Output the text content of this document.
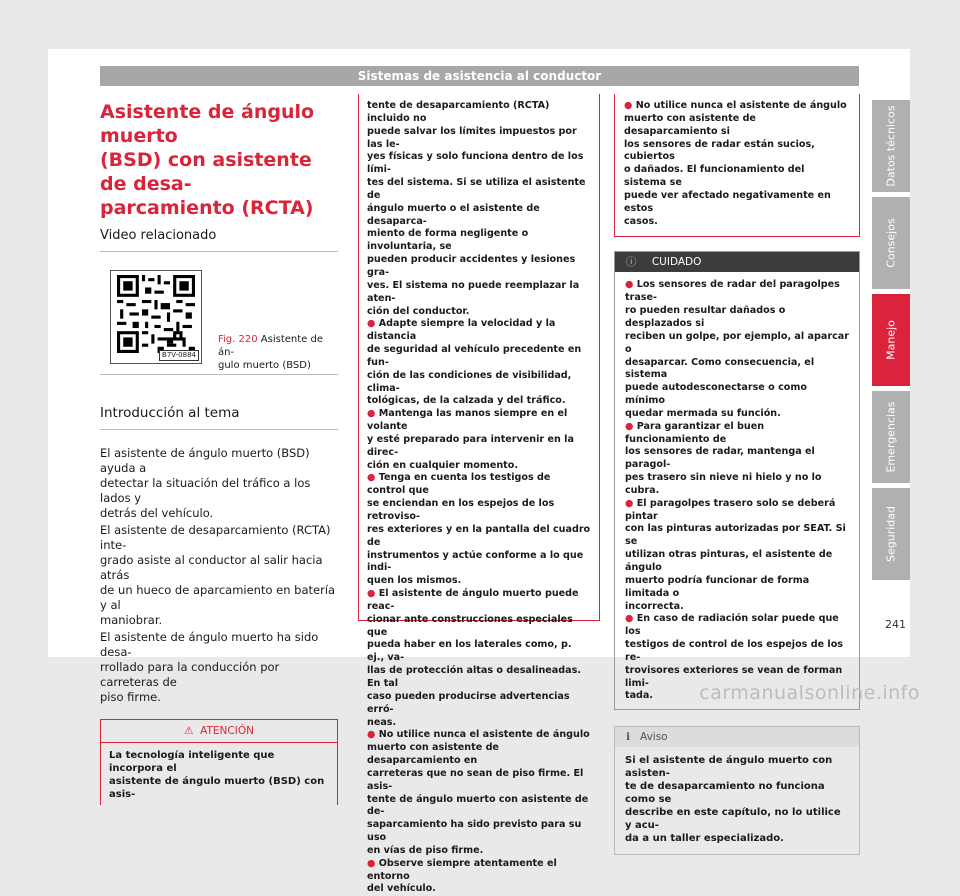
Sistemas de asistencia al conductor
Asistente de ángulo muerto
(BSD) con asistente de desa-
parcamiento (RCTA)
Video relacionado
B7V-0884
Fig. 220 Asistente de án-
gulo muerto (BSD)
Introducción al tema

El asistente de ángulo muerto (BSD) ayuda a
detectar la situación del tráfico a los lados y
detrás del vehículo.

El asistente de desaparcamiento (RCTA) inte-
grado asiste al conductor al salir hacia atrás
de un hueco de aparcamiento en batería y al
maniobrar.

El asistente de ángulo muerto ha sido desa-
rrollado para la conducción por carreteras de
piso firme.

⚠ ATENCIÓN
La tecnología inteligente que incorpora el
asistente de ángulo muerto (BSD) con asis-

tente de desaparcamiento (RCTA) incluido no
puede salvar los límites impuestos por las le-
yes físicas y solo funciona dentro de los lími-
tes del sistema. Si se utiliza el asistente de
ángulo muerto o el asistente de desaparca-
miento de forma negligente o involuntaria, se
pueden producir accidentes y lesiones gra-
ves. El sistema no puede reemplazar la aten-
ción del conductor.

● Adapte siempre la velocidad y la distancia
de seguridad al vehículo precedente en fun-
ción de las condiciones de visibilidad, clima-
tológicas, de la calzada y del tráfico.

● Mantenga las manos siempre en el volante
y esté preparado para intervenir en la direc-
ción en cualquier momento.

● Tenga en cuenta los testigos de control que
se enciendan en los espejos de los retroviso-
res exteriores y en la pantalla del cuadro de
instrumentos y actúe conforme a lo que indi-
quen los mismos.

● El asistente de ángulo muerto puede reac-
cionar ante construcciones especiales que
pueda haber en los laterales como, p. ej., va-
llas de protección altas o desalineadas. En tal
caso pueden producirse advertencias erró-
neas.

● No utilice nunca el asistente de ángulo
muerto con asistente de desaparcamiento en
carreteras que no sean de piso firme. El asis-
tente de ángulo muerto con asistente de de-
saparcamiento ha sido previsto para su uso
en vías de piso firme.

● Observe siempre atentamente el entorno
del vehículo.

● No utilice nunca el asistente de ángulo
muerto con asistente de desaparcamiento si
los sensores de radar están sucios, cubiertos
o dañados. El funcionamiento del sistema se
puede ver afectado negativamente en estos
casos.

ⓘ CUIDADO

● Los sensores de radar del paragolpes trase-
ro pueden resultar dañados o desplazados si
reciben un golpe, por ejemplo, al aparcar o
desaparcar. Como consecuencia, el sistema
puede autodesconectarse o como mínimo
quedar mermada su función.

● Para garantizar el buen funcionamiento de
los sensores de radar, mantenga el paragol-
pes trasero sin nieve ni hielo y no lo cubra.

● El paragolpes trasero solo se deberá pintar
con las pinturas autorizadas por SEAT. Si se
utilizan otras pinturas, el asistente de ángulo
muerto podría funcionar de forma limitada o
incorrecta.

● En caso de radiación solar puede que los
testigos de control de los espejos de los re-
trovisores exteriores se vean de forman limi-
tada.

ℹ Aviso
Si el asistente de ángulo muerto con asisten-
te de desaparcamiento no funciona como se
describe en este capítulo, no lo utilice y acu-
da a un taller especializado.
Datos técnicos
Consejos
Manejo
Emergencias
Seguridad
241
carmanualsonline.info
